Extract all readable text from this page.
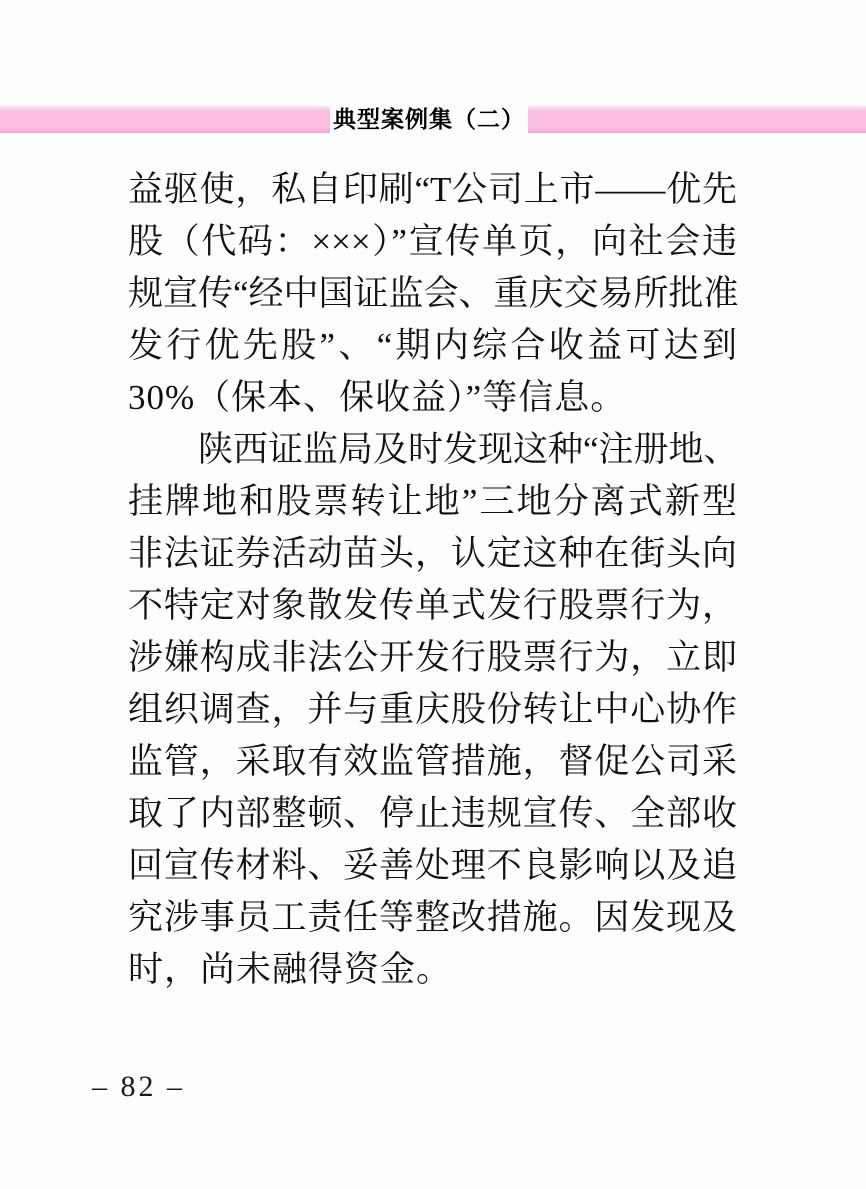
典型案例集（二）
益驱使，私自印刷“T公司上市——优先
股（代码：×××）”宣传单页，向社会违
规宣传“经中国证监会、重庆交易所批准
发行优先股”、“期内综合收益可达到
30%（保本、保收益）”等信息。
陕西证监局及时发现这种“注册地、
挂牌地和股票转让地”三地分离式新型
非法证券活动苗头，认定这种在街头向
不特定对象散发传单式发行股票行为，
涉嫌构成非法公开发行股票行为，立即
组织调查，并与重庆股份转让中心协作
监管，采取有效监管措施，督促公司采
取了内部整顿、停止违规宣传、全部收
回宣传材料、妥善处理不良影响以及追
究涉事员工责任等整改措施。因发现及
时，尚未融得资金。
– 82 –
